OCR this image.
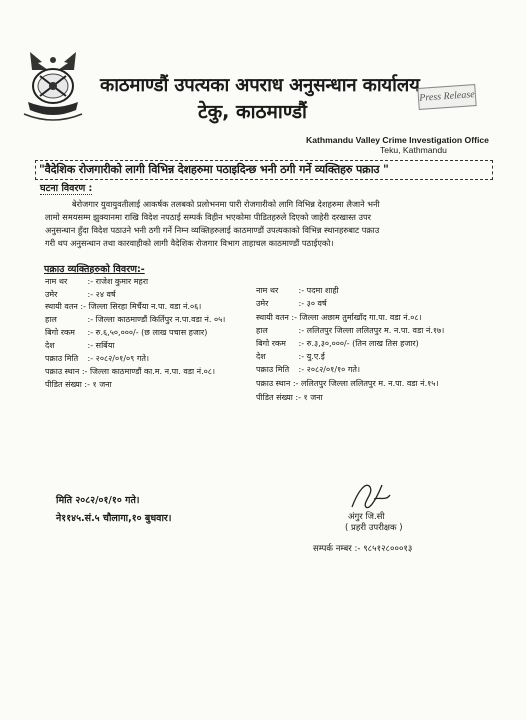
काठमाण्डौं उपत्यका अपराध अनुसन्धान कार्यालय
टेकु, काठमाण्डौं
Press Release
Kathmandu Valley Crime Investigation Office
Teku, Kathmandu
"वैदेशिक रोजगारीको लागी विभिन्न देशहरुमा पठाइदिन्छ भनी ठगी गर्ने व्यक्तिहरु पक्राउ "
घटना विवरण :
बेरोजगार युवायुवतीलाई आकर्षक तलबको प्रलोभनमा पारी रोजगारीको लागि विभिन्न देशहरुमा लैजाने भनी
लामो समयसम्म झुक्यानमा राखि विदेश नपठाई सम्पर्क विहीन भएकोमा पीडितहरुले दिएको जाहेरी दरखास्त उपर
अनुसन्धान हुँदा विदेश पठाउने भनी ठगी गर्ने निम्न व्यक्तिहरुलाई काठमाण्डौं उपत्यकाको विभिन्न स्थानहरुबाट पक्राउ
गरी थप अनुसन्धान तथा कारवाहीको लागी वैदेशिक रोजगार विभाग ताहाचल काठमाण्डौं पठाईएको।
पक्राउ व्यक्तिहरुको विवरण:-
नाम थर	:- राजेश कुमार महरा
उमेर	:- २४ वर्ष
स्थायी वतन :- जिल्ला सिरहा मिर्चैया न.पा. वडा नं.०६।
हाल	:- जिल्ला काठमाण्डौं किर्तिपुर न.पा.वडा नं. ०५।
बिगो रकम :- रु.६,५०,०००/- (छ लाख पचास हजार)
देश	:- सर्बिया
पक्राउ मिति :- २०८२/०१/०९ गते।
पक्राउ स्थान :- जिल्ला काठमाण्डौं का.म. न.पा. वडा नं.०८।
पीडित संख्या :- १ जना
नाम थर	:- पदमा शाही
उमेर	:- ३० वर्ष
स्थायी वतन :- जिल्ला अछाम तुर्माखाँद गा.पा. वडा नं.०८।
हाल	:- ललितपुर जिल्ला ललितपुर म. न.पा. वडा नं.१७।
बिगो रकम :- रु.३,३०,०००/- (तिन लाख तिस हजार)
देश	:- यु.ए.ई
पक्राउ मिति :- २०८२/०१/१० गते।
पक्राउ स्थान :- ललितपुर जिल्ला ललितपुर म. न.पा. वडा नं.१५।
पीडित संख्या :- १ जना
मिति २०८२/०१/१० गते।
ने११४५.सं.५ चौलागा,१० बुधवार।	अंगुर जि.सी
( प्रहरी उपरीक्षक )
सम्पर्क नम्बर :- ९८५१२८०००१३
